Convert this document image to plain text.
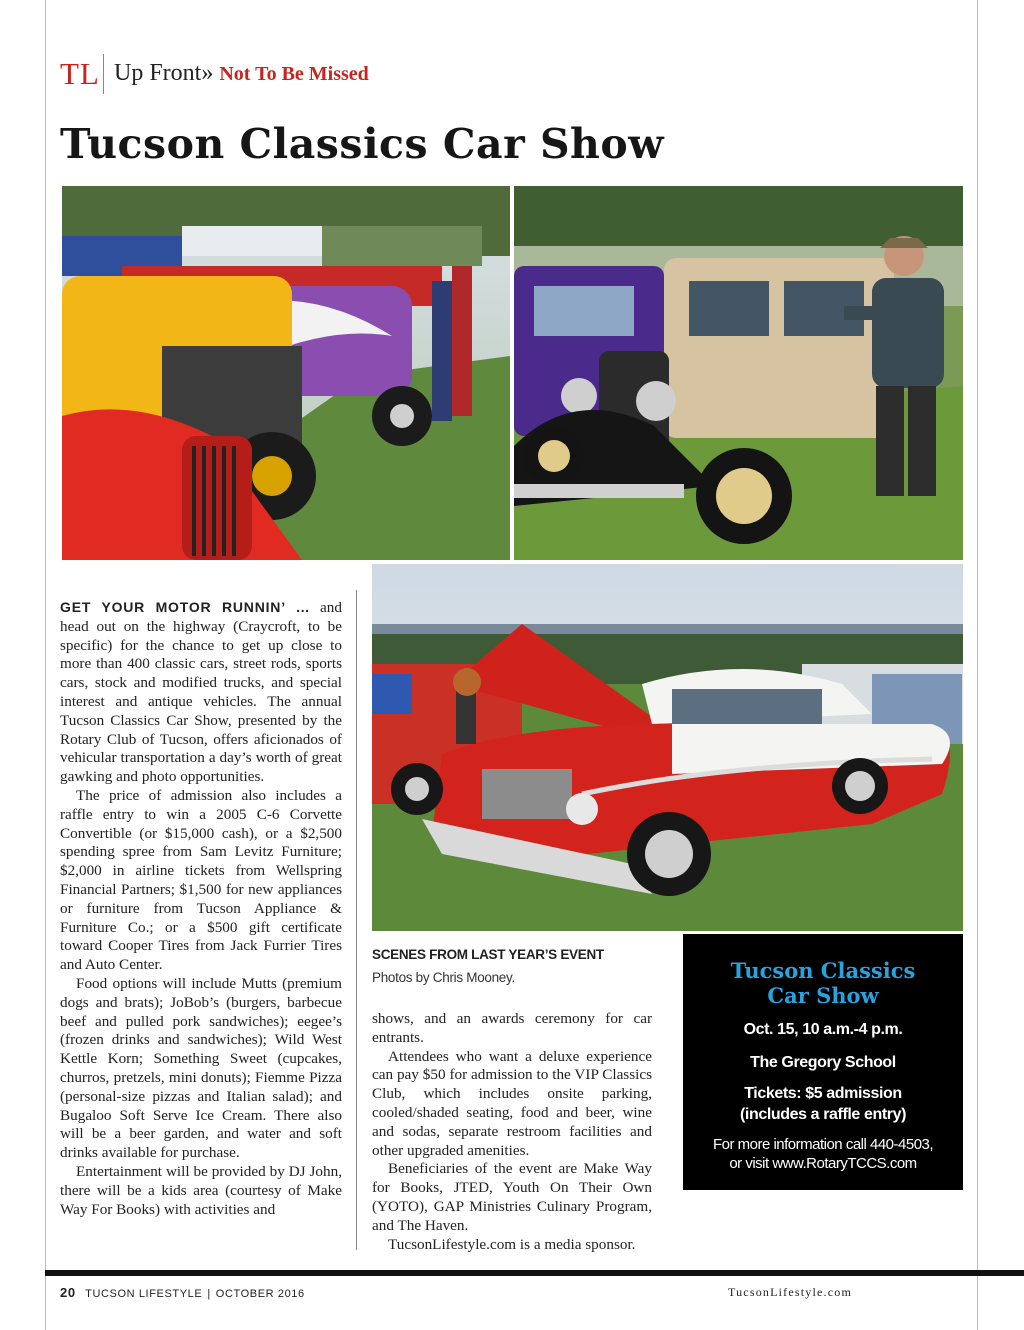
TL Up Front» Not To Be Missed
Tucson Classics Car Show

GET YOUR MOTOR RUNNIN’ … and head out on the highway (Craycroft, to be specific) for the chance to get up close to more than 400 classic cars, street rods, sports cars, stock and modified trucks, and special interest and antique vehicles. The annual Tucson Classics Car Show, presented by the Rotary Club of Tucson, offers aficionados of vehicular transportation a day’s worth of great gawking and photo opportunities.

The price of admission also includes a raffle entry to win a 2005 C-6 Corvette Convertible (or $15,000 cash), or a $2,500 spending spree from Sam Levitz Furniture; $2,000 in airline tickets from Wellspring Financial Partners; $1,500 for new appliances or furniture from Tucson Appliance & Furniture Co.; or a $500 gift certificate toward Cooper Tires from Jack Furrier Tires and Auto Center.

Food options will include Mutts (premium dogs and brats); JoBob’s (burgers, barbecue beef and pulled pork sandwiches); eegee’s (frozen drinks and sandwiches); Wild West Kettle Korn; Something Sweet (cupcakes, churros, pretzels, mini donuts); Fiemme Pizza (personal-size pizzas and Italian salad); and Bugaloo Soft Serve Ice Cream. There also will be a beer garden, and water and soft drinks available for purchase.

Entertainment will be provided by DJ John, there will be a kids area (courtesy of Make Way For Books) with activities and

SCENES FROM LAST YEAR’S EVENT
Photos by Chris Mooney.

shows, and an awards ceremony for car entrants.

Attendees who want a deluxe experience can pay $50 for admission to the VIP Classics Club, which includes onsite parking, cooled/shaded seating, food and beer, wine and sodas, separate restroom facilities and other upgraded amenities.

Beneficiaries of the event are Make Way for Books, JTED, Youth On Their Own (YOTO), GAP Ministries Culinary Program, and The Haven.

TucsonLifestyle.com is a media sponsor.

Tucson Classics
Car Show
Oct. 15, 10 a.m.-4 p.m.
The Gregory School
Tickets: $5 admission
(includes a raffle entry)
For more information call 440-4503,
or visit www.RotaryTCCS.com
20 TUCSON LIFESTYLE | OCTOBER 2016	TucsonLifestyle.com
